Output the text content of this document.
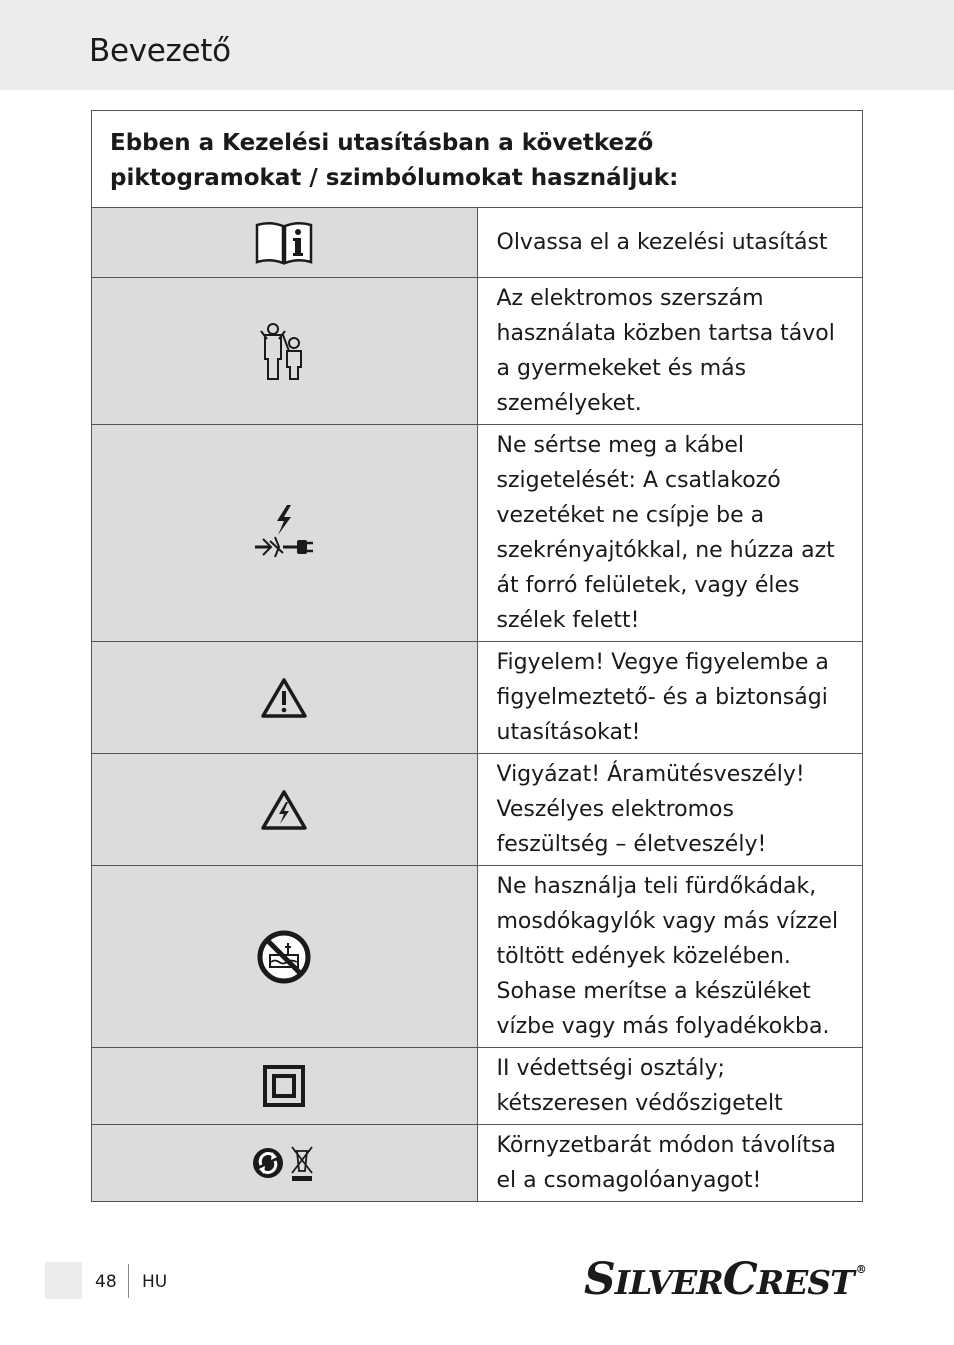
Bevezető
Ebben a Kezelési utasításban a következő piktogramokat / szimbólumokat használjuk:	

	Olvassa el a kezelési utasítást

	Az elektromos szerszám használata közben tartsa távol a gyermekeket és más személyeket.

	Ne sértse meg a kábel szigetelését: A csatlakozó vezetéket ne csípje be a szekrényajtókkal, ne húzza azt át forró felületek, vagy éles szélek felett!

	Figyelem! Vegye figyelembe a figyelmeztető- és a biztonsági utasításokat!

	Vigyázat! Áramütésveszély! Veszélyes elektromos feszültség – életveszély!

	Ne használja teli fürdőkádak, mosdókagylók vagy más vízzel töltött edények közelében. Sohase merítse a készüléket vízbe vagy más folyadékokba.

	II védettségi osztály; kétszeresen védőszigetelt

	Környzetbarát módon távolítsa el a csomagolóanyagot!
48 HU	SILVERCREST ®
